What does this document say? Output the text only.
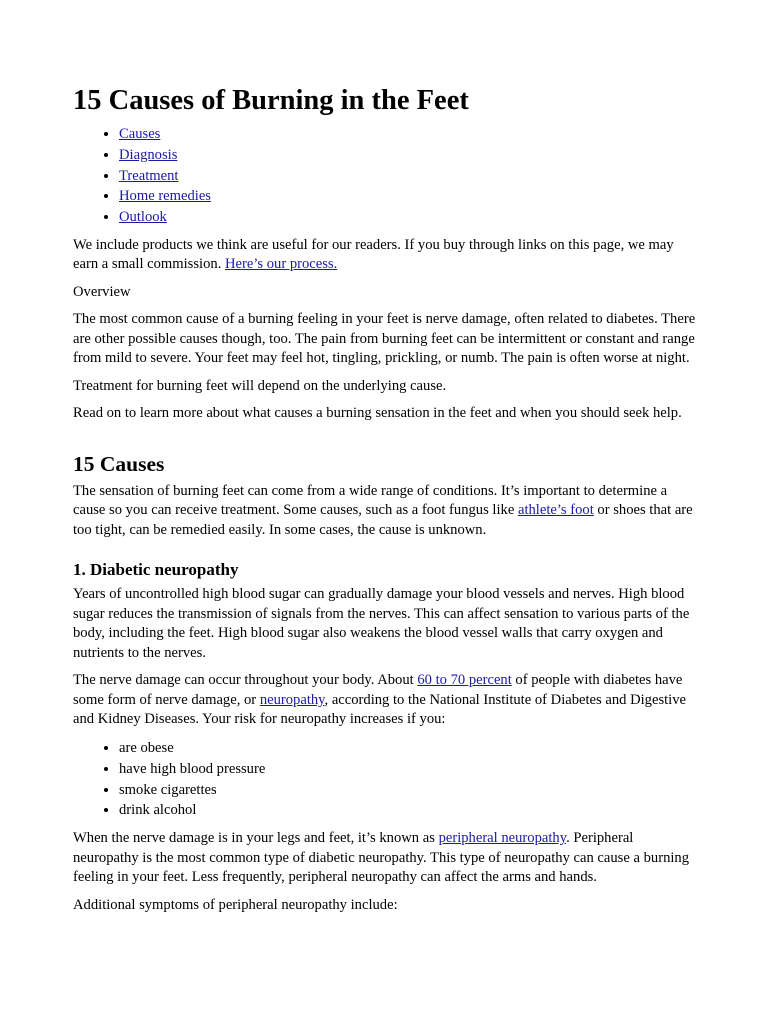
15 Causes of Burning in the Feet
• Causes
• Diagnosis
• Treatment
• Home remedies
• Outlook

We include products we think are useful for our readers. If you buy through links on this page, we may earn a small commission. Here’s our process.

Overview

The most common cause of a burning feeling in your feet is nerve damage, often related to diabetes. There are other possible causes though, too. The pain from burning feet can be intermittent or constant and range from mild to severe. Your feet may feel hot, tingling, prickling, or numb. The pain is often worse at night.

Treatment for burning feet will depend on the underlying cause.

Read on to learn more about what causes a burning sensation in the feet and when you should seek help.

15 Causes

The sensation of burning feet can come from a wide range of conditions. It’s important to determine a cause so you can receive treatment. Some causes, such as a foot fungus like athlete’s foot or shoes that are too tight, can be remedied easily. In some cases, the cause is unknown.

1. Diabetic neuropathy

Years of uncontrolled high blood sugar can gradually damage your blood vessels and nerves. High blood sugar reduces the transmission of signals from the nerves. This can affect sensation to various parts of the body, including the feet. High blood sugar also weakens the blood vessel walls that carry oxygen and nutrients to the nerves.

The nerve damage can occur throughout your body. About 60 to 70 percent of people with diabetes have some form of nerve damage, or neuropathy, according to the National Institute of Diabetes and Digestive and Kidney Diseases. Your risk for neuropathy increases if you:

• are obese
• have high blood pressure
• smoke cigarettes
• drink alcohol

When the nerve damage is in your legs and feet, it’s known as peripheral neuropathy. Peripheral neuropathy is the most common type of diabetic neuropathy. This type of neuropathy can cause a burning feeling in your feet. Less frequently, peripheral neuropathy can affect the arms and hands.

Additional symptoms of peripheral neuropathy include:
